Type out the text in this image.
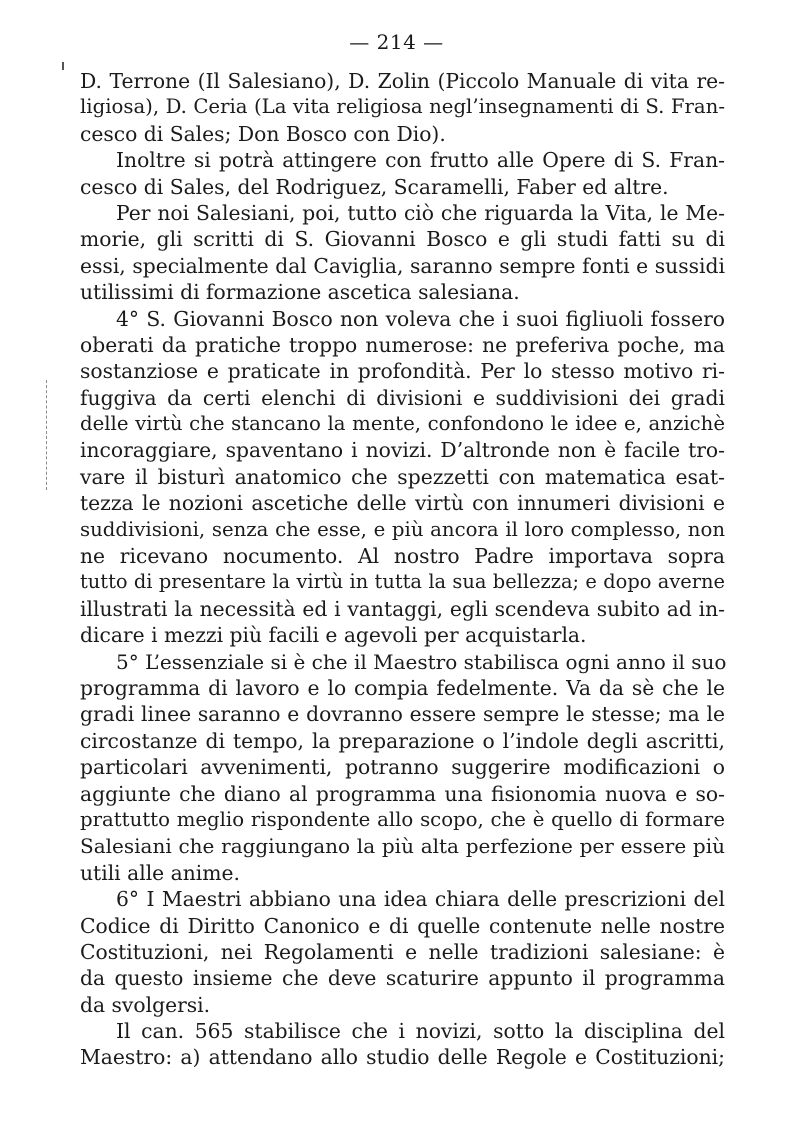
— 214 —
D. Terrone (Il Salesiano), D. Zolin (Piccolo Manuale di vita re-
ligiosa), D. Ceria (La vita religiosa negl’insegnamenti di S. Fran-
cesco di Sales; Don Bosco con Dio).
Inoltre si potrà attingere con frutto alle Opere di S. Fran-
cesco di Sales, del Rodriguez, Scaramelli, Faber ed altre.
Per noi Salesiani, poi, tutto ciò che riguarda la Vita, le Me-
morie, gli scritti di S. Giovanni Bosco e gli studi fatti su di
essi, specialmente dal Caviglia, saranno sempre fonti e sussidi
utilissimi di formazione ascetica salesiana.
4° S. Giovanni Bosco non voleva che i suoi figliuoli fossero
oberati da pratiche troppo numerose: ne preferiva poche, ma
sostanziose e praticate in profondità. Per lo stesso motivo ri-
fuggiva da certi elenchi di divisioni e suddivisioni dei gradi
delle virtù che stancano la mente, confondono le idee e, anzichè
incoraggiare, spaventano i novizi. D’altronde non è facile tro-
vare il bisturì anatomico che spezzetti con matematica esat-
tezza le nozioni ascetiche delle virtù con innumeri divisioni e
suddivisioni, senza che esse, e più ancora il loro complesso, non
ne ricevano nocumento. Al nostro Padre importava sopra
tutto di presentare la virtù in tutta la sua bellezza; e dopo averne
illustrati la necessità ed i vantaggi, egli scendeva subito ad in-
dicare i mezzi più facili e agevoli per acquistarla.
5° L’essenziale si è che il Maestro stabilisca ogni anno il suo
programma di lavoro e lo compia fedelmente. Va da sè che le
gradi linee saranno e dovranno essere sempre le stesse; ma le
circostanze di tempo, la preparazione o l’indole degli ascritti,
particolari avvenimenti, potranno suggerire modificazioni o
aggiunte che diano al programma una fisionomia nuova e so-
prattutto meglio rispondente allo scopo, che è quello di formare
Salesiani che raggiungano la più alta perfezione per essere più
utili alle anime.
6° I Maestri abbiano una idea chiara delle prescrizioni del
Codice di Diritto Canonico e di quelle contenute nelle nostre
Costituzioni, nei Regolamenti e nelle tradizioni salesiane: è
da questo insieme che deve scaturire appunto il programma
da svolgersi.
Il can. 565 stabilisce che i novizi, sotto la disciplina del
Maestro: a) attendano allo studio delle Regole e Costituzioni;
